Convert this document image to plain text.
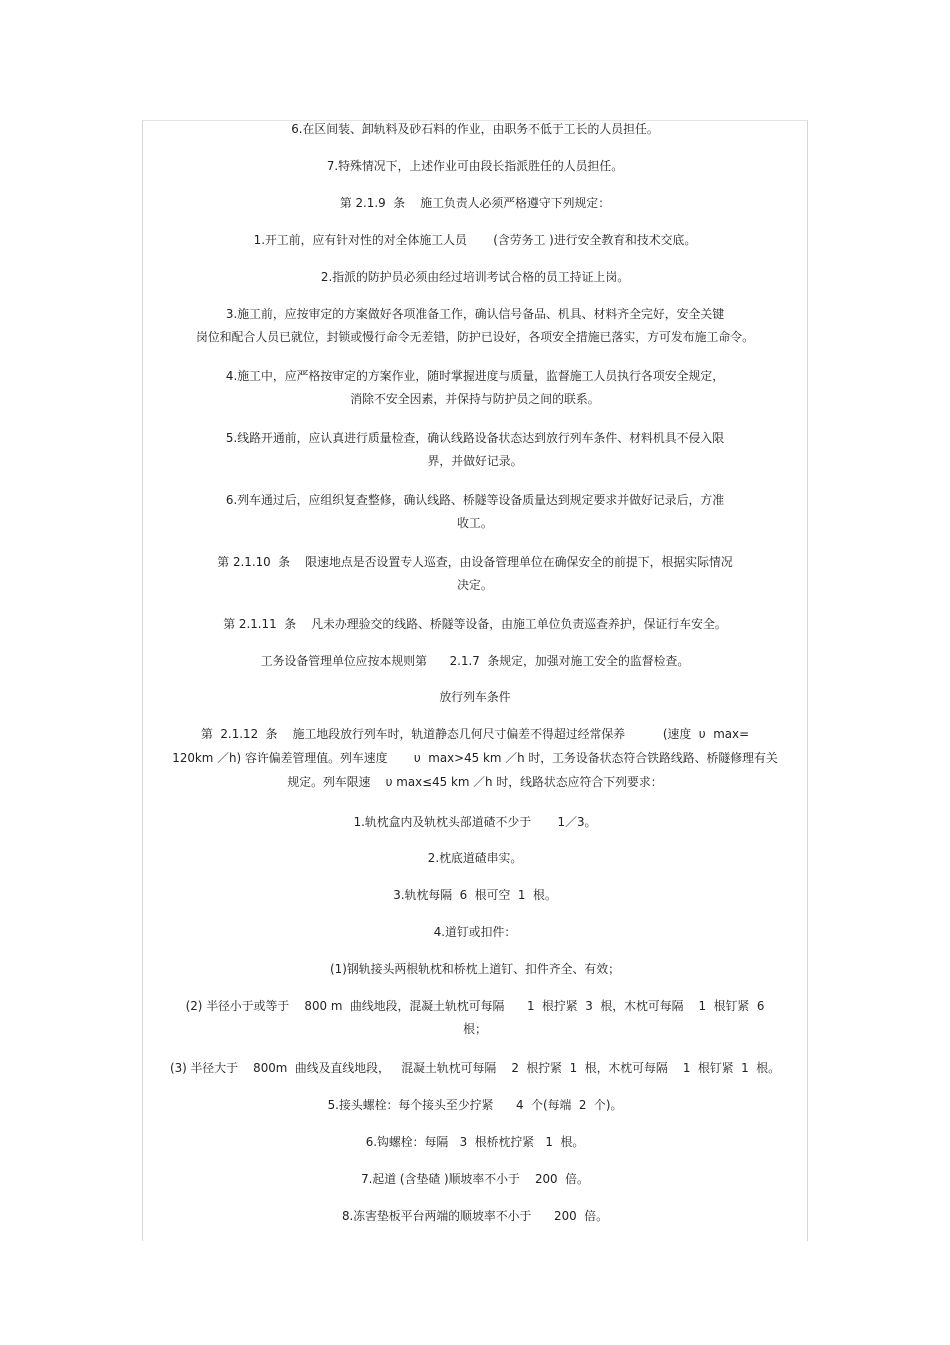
6.在区间装、卸轨料及砂石料的作业，由职务不低于工长的人员担任。
7.特殊情况下，上述作业可由段长指派胜任的人员担任。
第 2.1.9  条    施工负责人必须严格遵守下列规定：
1.开工前，应有针对性的对全体施工人员       (含劳务工 )进行安全教育和技术交底。
2.指派的防护员必须由经过培训考试合格的员工持证上岗。
3.施工前，应按审定的方案做好各项准备工作，确认信号备品、机具、材料齐全完好，安全关键
岗位和配合人员已就位，封锁或慢行命令无差错，防护已设好，各项安全措施已落实，方可发布施工命令。
4.施工中，应严格按审定的方案作业，随时掌握进度与质量，监督施工人员执行各项安全规定，
消除不安全因素，并保持与防护员之间的联系。
5.线路开通前，应认真进行质量检查，确认线路设备状态达到放行列车条件、材料机具不侵入限
界，并做好记录。
6.列车通过后，应组织复查整修，确认线路、桥隧等设备质量达到规定要求并做好记录后，方准
收工。
第 2.1.10  条    限速地点是否设置专人巡查，由设备管理单位在确保安全的前提下，根据实际情况
决定。
第 2.1.11  条    凡未办理验交的线路、桥隧等设备，由施工单位负责巡查养护，保证行车安全。
工务设备管理单位应按本规则第      2.1.7  条规定，加强对施工安全的监督检查。
放行列车条件
第  2.1.12  条    施工地段放行列车时，轨道静态几何尺寸偏差不得超过经常保养          (速度  υ  max=
120km ／h) 容许偏差管理值。列车速度       υ  max>45 km ／h 时，工务设备状态符合铁路线路、桥隧修理有关
规定。列车限速    υ max≤45 km ／h 时，线路状态应符合下列要求：
1.轨枕盒内及轨枕头部道碴不少于       1／3。
2.枕底道碴串实。
3.轨枕每隔  6  根可空  1  根。
4.道钉或扣件：
(1)钢轨接头两根轨枕和桥枕上道钉、扣件齐全、有效；
(2) 半径小于或等于    800 m  曲线地段，混凝土轨枕可每隔      1  根拧紧  3  根，木枕可每隔    1  根钉紧  6
根；
(3) 半径大于    800m  曲线及直线地段，   混凝土轨枕可每隔    2  根拧紧  1  根，木枕可每隔    1  根钉紧  1  根。
5.接头螺栓：每个接头至少拧紧      4  个(每端  2  个)。
6.钩螺栓：每隔   3  根桥枕拧紧   1  根。
7.起道 (含垫碴 )顺坡率不小于    200  倍。
8.冻害垫板平台两端的顺坡率不小于      200  倍。
